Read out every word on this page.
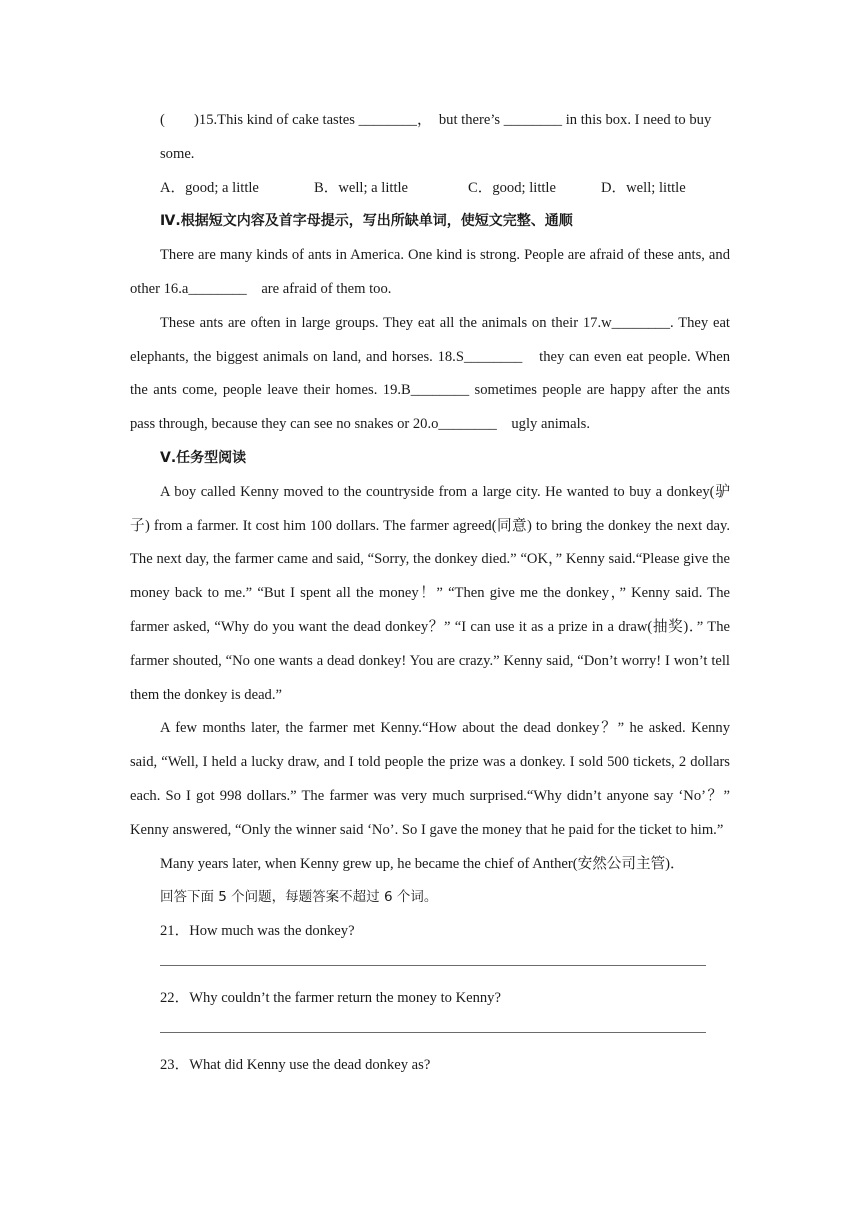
(　　)15.This kind of cake tastes ________，　but there’s ________ in this box. I need to buy
some.
A．good; a little	B．well; a little	C．good; little	D．well; little
Ⅳ.根据短文内容及首字母提示，写出所缺单词，使短文完整、通顺

There are many kinds of ants in America. One kind is strong. People are afraid of these ants, and other 16.a________　are afraid of them too.

These ants are often in large groups. They eat all the animals on their 17.w________. They eat elephants, the biggest animals on land, and horses. 18.S________　they can even eat people. When the ants come, people leave their homes. 19.B________ sometimes people are happy after the ants pass through, because they can see no snakes or 20.o________　ugly animals.

Ⅴ.任务型阅读

A boy called Kenny moved to the countryside from a large city. He wanted to buy a donkey(驴子) from a farmer. It cost him 100 dollars. The farmer agreed(同意) to bring the donkey the next day. The next day, the farmer came and said, “Sorry, the donkey died.” “OK，” Kenny said.“Please give the money back to me.” “But I spent all the money！” “Then give me the donkey，” Kenny said. The farmer asked, “Why do you want the dead donkey？” “I can use it as a prize in a draw(抽奖)．” The farmer shouted, “No one wants a dead donkey! You are crazy.” Kenny said, “Don’t worry! I won’t tell them the donkey is dead.”

A few months later, the farmer met Kenny.“How about the dead donkey？” he asked. Kenny said, “Well, I held a lucky draw, and I told people the prize was a donkey. I sold 500 tickets, 2 dollars each. So I got 998 dollars.” The farmer was very much surprised.“Why didn’t anyone say ‘No’？” Kenny answered, “Only the winner said ‘No’. So I gave the money that he paid for the ticket to him.”

Many years later, when Kenny grew up, he became the chief of Anther(安然公司主管)．

回答下面 5 个问题，每题答案不超过 6 个词。
21．How much was the donkey?
22．Why couldn’t the farmer return the money to Kenny?
23．What did Kenny use the dead donkey as?
